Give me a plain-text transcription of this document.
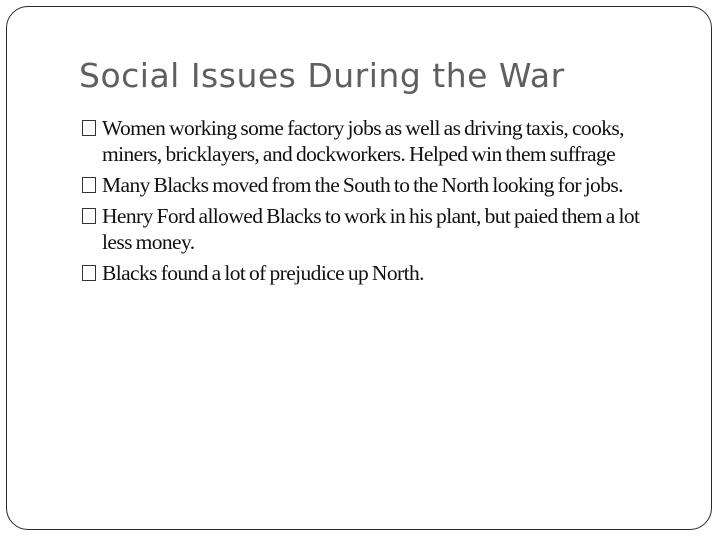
Social Issues During the War
Women working some factory jobs as well as driving taxis, cooks, miners, bricklayers, and dockworkers. Helped win them suffrage
Many Blacks moved from the South to the North looking for jobs.
Henry Ford allowed Blacks to work in his plant, but paied them a lot less money.
Blacks found a lot of prejudice up North.
